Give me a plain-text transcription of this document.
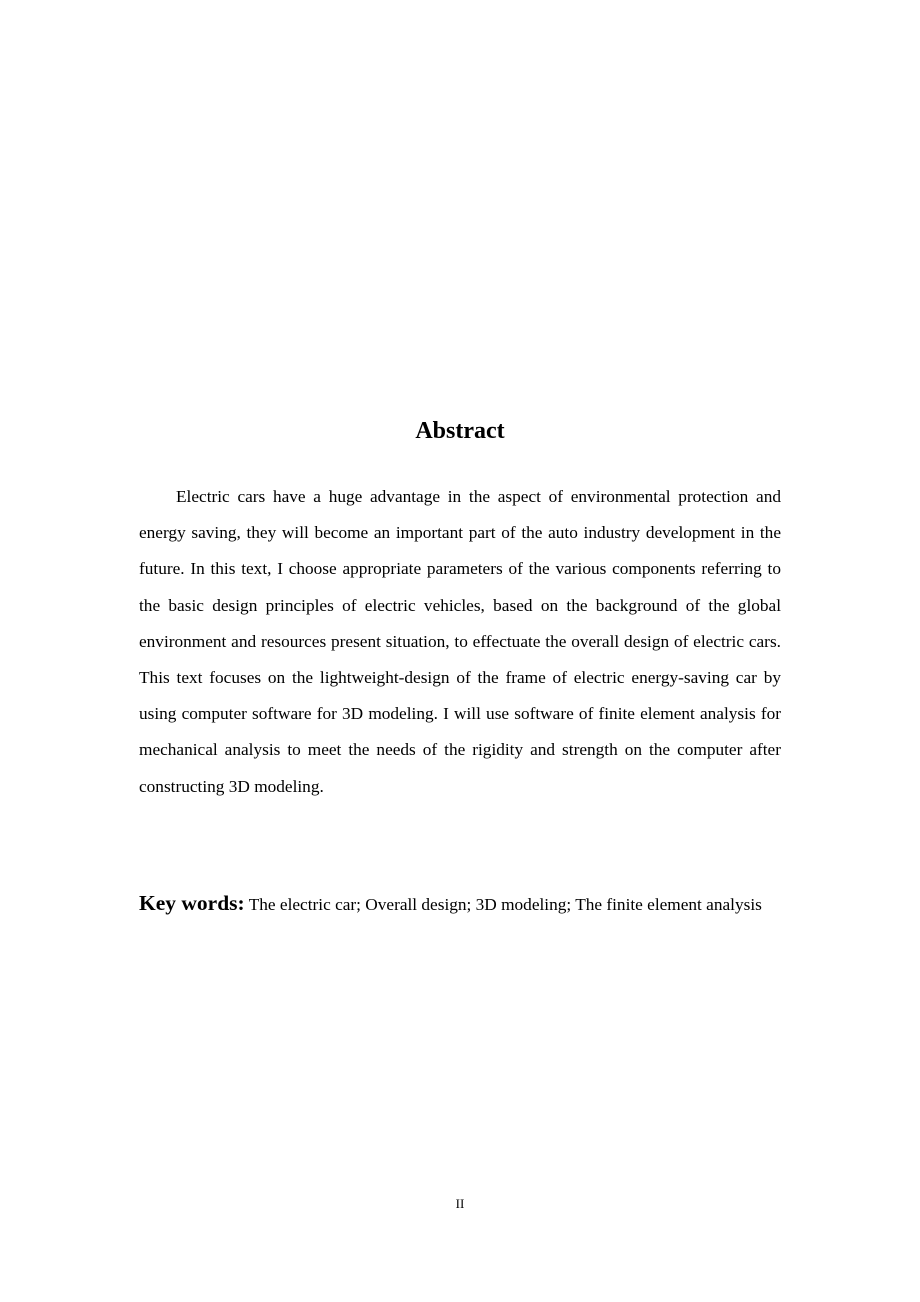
Abstract

Electric cars have a huge advantage in the aspect of environmental protection and energy saving, they will become an important part of the auto industry development in the future. In this text, I choose appropriate parameters of the various components referring to the basic design principles of electric vehicles, based on the background of the global environment and resources present situation, to effectuate the overall design of electric cars. This text focuses on the lightweight-design of the frame of electric energy-saving car by using computer software for 3D modeling. I will use software of finite element analysis for mechanical analysis to meet the needs of the rigidity and strength on the computer after constructing 3D modeling.

Key words: The electric car; Overall design; 3D modeling; The finite element analysis

II
